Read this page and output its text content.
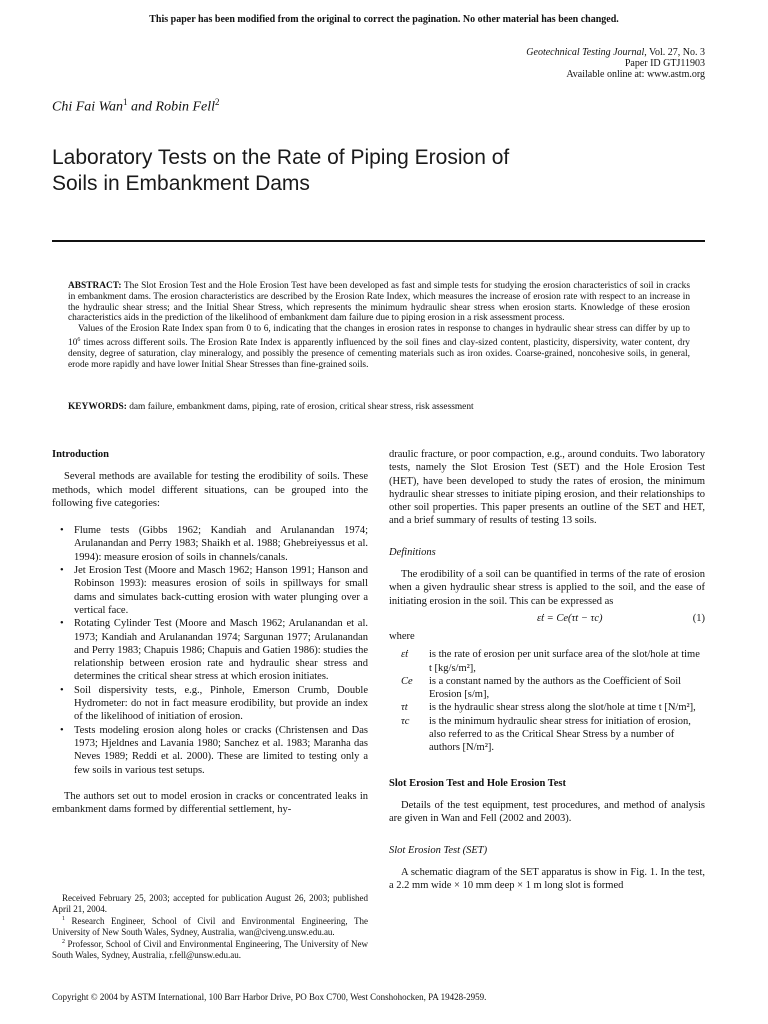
This paper has been modified from the original to correct the pagination. No other material has been changed.
Geotechnical Testing Journal, Vol. 27, No. 3
Paper ID GTJ11903
Available online at: www.astm.org
Chi Fai Wan$^1$ and Robin Fell$^2$
Laboratory Tests on the Rate of Piping Erosion of
Soils in Embankment Dams

ABSTRACT: The Slot Erosion Test and the Hole Erosion Test have been developed as fast and simple tests for studying the erosion characteristics of soil in cracks in embankment dams. The erosion characteristics are described by the Erosion Rate Index, which measures the increase of erosion rate with respect to an increase in the hydraulic shear stress; and the Initial Shear Stress, which represents the minimum hydraulic shear stress when erosion starts. Knowledge of these erosion characteristics aids in the prediction of the likelihood of embankment dam failure due to piping erosion in a risk assessment process.

Values of the Erosion Rate Index span from 0 to 6, indicating that the changes in erosion rates in response to changes in hydraulic shear stress can differ by up to $10^6$ times across different soils. The Erosion Rate Index is apparently influenced by the soil fines and clay-sized content, plasticity, dispersivity, water content, dry density, degree of saturation, clay mineralogy, and possibly the presence of cementing materials such as iron oxides. Coarse-grained, noncohesive soils, in general, erode more rapidly and have lower Initial Shear Stresses than fine-grained soils.

KEYWORDS: dam failure, embankment dams, piping, rate of erosion, critical shear stress, risk assessment

Introduction

Several methods are available for testing the erodibility of soils. These methods, which model different situations, can be grouped into the following five categories:

• Flume tests (Gibbs 1962; Kandiah and Arulanandan 1974; Arulanandan and Perry 1983; Shaikh et al. 1988; Ghebreiyessus et al. 1994): measure erosion of soils in channels/canals.
• Jet Erosion Test (Moore and Masch 1962; Hanson 1991; Hanson and Robinson 1993): measures erosion of soils in spillways for small dams and simulates back-cutting erosion with water plunging over a vertical face.
• Rotating Cylinder Test (Moore and Masch 1962; Arulanandan et al. 1973; Kandiah and Arulanandan 1974; Sargunan 1977; Arulanandan and Perry 1983; Chapuis 1986; Chapuis and Gatien 1986): studies the relationship between erosion rate and hydraulic shear stress and determines the critical shear stress at which erosion initiates.
• Soil dispersivity tests, e.g., Pinhole, Emerson Crumb, Double Hydrometer: do not in fact measure erodibility, but provide an index of the likelihood of initiation of erosion.
• Tests modeling erosion along holes or cracks (Christensen and Das 1973; Hjeldnes and Lavania 1980; Sanchez et al. 1983; Maranha das Neves 1989; Reddi et al. 2000). These are limited to testing only a few soils in various test setups.

The authors set out to model erosion in cracks or concentrated leaks in embankment dams formed by differential settlement, hy-

Received February 25, 2003; accepted for publication August 26, 2003; published April 21, 2004.

$^1$ Research Engineer, School of Civil and Environmental Engineering, The University of New South Wales, Sydney, Australia, wan@civeng.unsw.edu.au.

$^2$ Professor, School of Civil and Environmental Engineering, The University of New South Wales, Sydney, Australia, r.fell@unsw.edu.au.

draulic fracture, or poor compaction, e.g., around conduits. Two laboratory tests, namely the Slot Erosion Test (SET) and the Hole Erosion Test (HET), have been developed to study the rates of erosion, the minimum hydraulic shear stresses to initiate piping erosion, and their relationships to other soil properties. This paper presents an outline of the SET and HET, and a brief summary of results of testing 13 soils.

Definitions

The erodibility of a soil can be quantified in terms of the rate of erosion when a given hydraulic shear stress is applied to the soil, and the ease of initiating erosion in the soil. This can be expressed as

ε̇t = Ce(τt − τc)	(1)

where

ε̇t is the rate of erosion per unit surface area of the slot/hole at time t [kg/s/m²],
Ce is a constant named by the authors as the Coefficient of Soil Erosion [s/m],
τt is the hydraulic shear stress along the slot/hole at time t [N/m²],
τc is the minimum hydraulic shear stress for initiation of erosion, also referred to as the Critical Shear Stress by a number of authors [N/m²].

Slot Erosion Test and Hole Erosion Test

Details of the test equipment, test procedures, and method of analysis are given in Wan and Fell (2002 and 2003).

Slot Erosion Test (SET)

A schematic diagram of the SET apparatus is show in Fig. 1. In the test, a 2.2 mm wide × 10 mm deep × 1 m long slot is formed

Copyright © 2004 by ASTM International, 100 Barr Harbor Drive, PO Box C700, West Conshohocken, PA 19428-2959.
